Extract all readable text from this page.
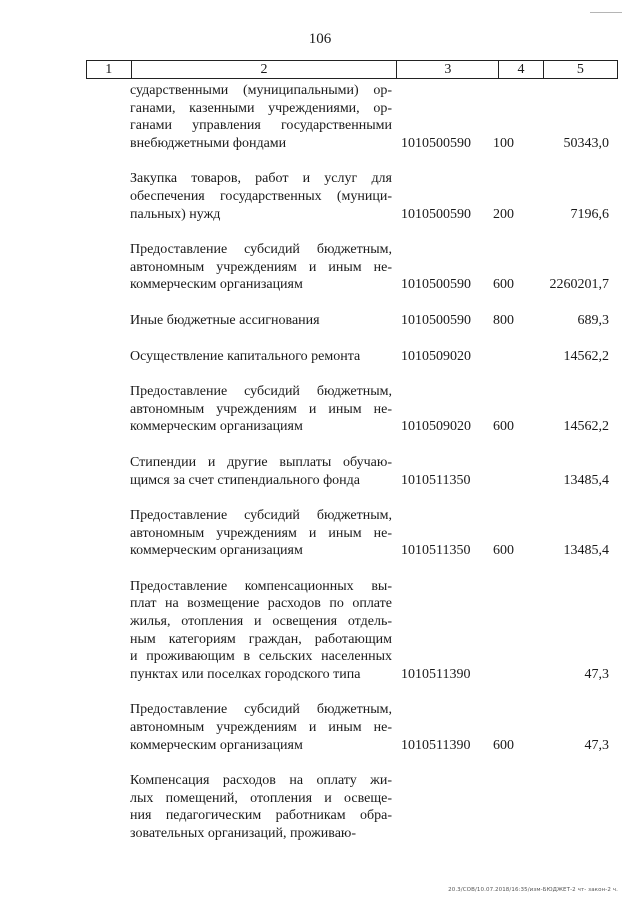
106
1	2	3	4	5
сударственными (муниципальными) ор-
ганами, казенными учреждениями, ор-
ганами управления государственными
внебюджетными фондами	1010500590 100	50343,0
Закупка товаров, работ и услуг для
обеспечения государственных (муници-
пальных) нужд	1010500590 200	7196,6
Предоставление субсидий бюджетным,
автономным учреждениям и иным не-
коммерческим организациям	1010500590 600	2260201,7
Иные бюджетные ассигнования	1010500590 800	689,3
Осуществление капитального ремонта	1010509020	14562,2
Предоставление субсидий бюджетным,
автономным учреждениям и иным не-
коммерческим организациям	1010509020 600	14562,2
Стипендии и другие выплаты обучаю-
щимся за счет стипендиального фонда	1010511350	13485,4
Предоставление субсидий бюджетным,
автономным учреждениям и иным не-
коммерческим организациям	1010511350 600	13485,4
Предоставление компенсационных вы-
плат на возмещение расходов по оплате
жилья, отопления и освещения отдель-
ным категориям граждан, работающим
и проживающим в сельских населенных
пунктах или поселках городского типа	1010511390	47,3
Предоставление субсидий бюджетным,
автономным учреждениям и иным не-
коммерческим организациям	1010511390 600	47,3
Компенсация расходов на оплату жи-
лых помещений, отопления и освеще-
ния педагогическим работникам обра-
зовательных организаций, проживаю-
20.3/СОВ/10.07.2018/16:35/изм-БЮДЖЕТ-2 чт- закон-2 ч.
